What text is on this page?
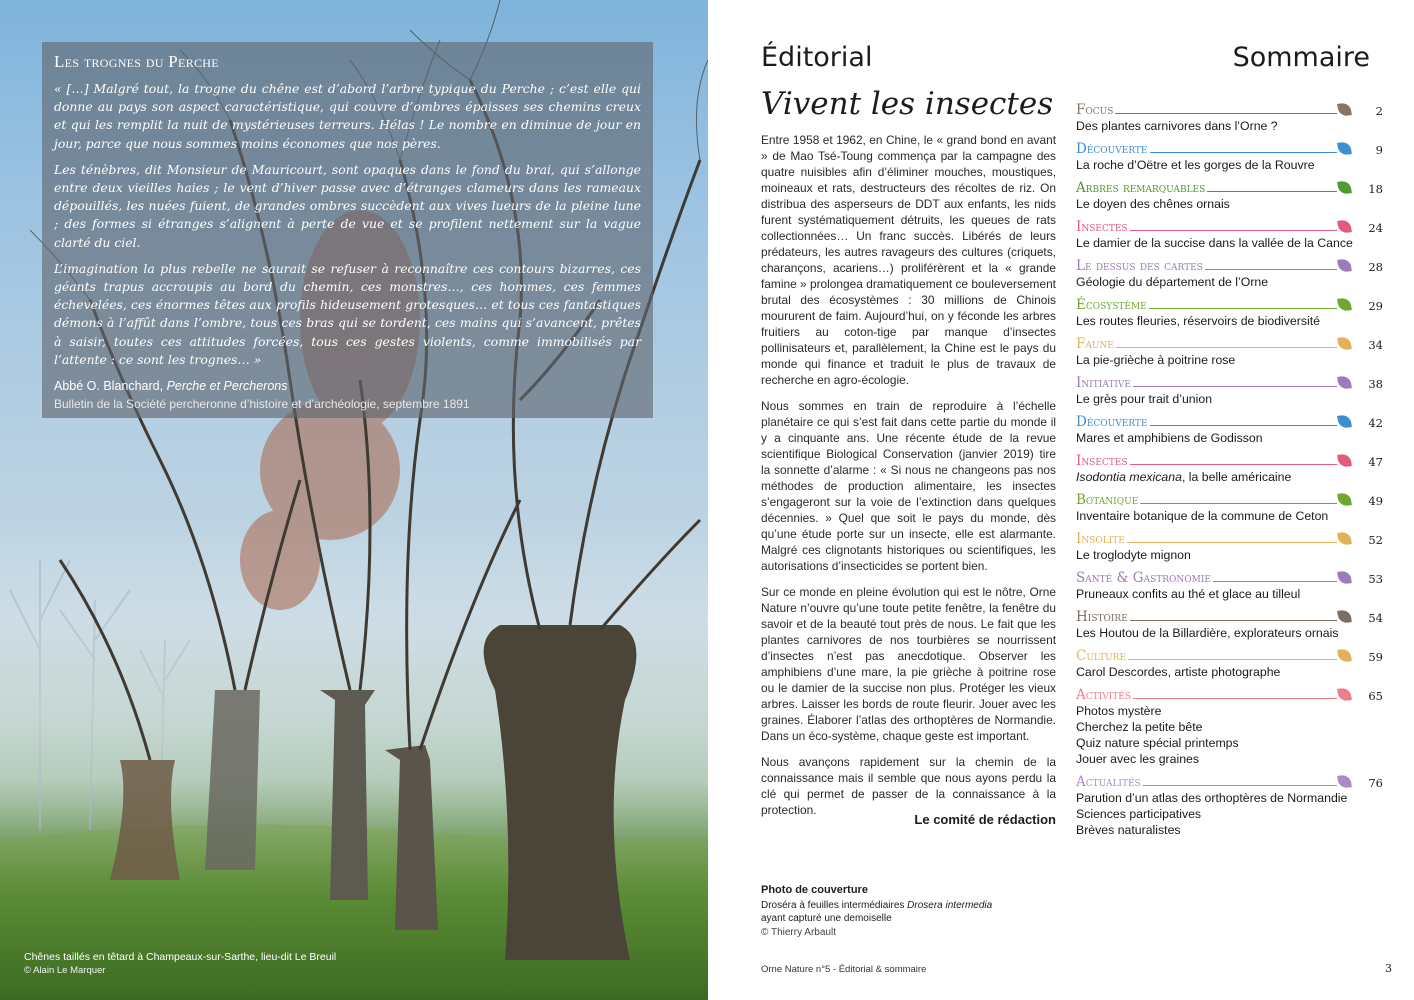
Les trognes du Perche

« […] Malgré tout, la trogne du chêne est d’abord l’arbre typique du Perche ; c’est elle qui donne au pays son aspect caractéristique, qui couvre d’ombres épaisses ses chemins creux et qui les remplit la nuit de mystérieuses terreurs. Hélas ! Le nombre en diminue de jour en jour, parce que nous sommes moins économes que nos pères.

Les ténèbres, dit Monsieur de Mauricourt, sont opaques dans le fond du brai, qui s’allonge entre deux vieilles haies ; le vent d’hiver passe avec d’étranges clameurs dans les rameaux dépouillés, les nuées fuient, de grandes ombres succèdent aux vives lueurs de la pleine lune ; des formes si étranges s’alignent à perte de vue et se profilent nettement sur la vague clarté du ciel.

L’imagination la plus rebelle ne saurait se refuser à reconnaître ces contours bizarres, ces géants trapus accroupis au bord du chemin, ces monstres…, ces hommes, ces femmes échevelées, ces énormes têtes aux profils hideusement grotesques… et tous ces fantastiques démons à l’affût dans l’ombre, tous ces bras qui se tordent, ces mains qui s’avancent, prêtes à saisir, toutes ces attitudes forcées, tous ces gestes violents, comme immobilisés par l’attente : ce sont les trognes… »

Abbé O. Blanchard, Perche et Percherons
Bulletin de la Société percheronne d’histoire et d’archéologie, septembre 1891
Chênes taillés en têtard à Champeaux-sur-Sarthe, lieu-dit Le Breuil
© Alain Le Marquer
Éditorial	Sommaire
Vivent les insectes

Entre 1958 et 1962, en Chine, le « grand bond en avant » de Mao Tsé-Toung commença par la campagne des quatre nuisibles afin d’éliminer mouches, moustiques, moineaux et rats, destructeurs des récoltes de riz. On distribua des asperseurs de DDT aux enfants, les nids furent systématiquement détruits, les queues de rats collectionnées… Un franc succès. Libérés de leurs prédateurs, les autres ravageurs des cultures (criquets, charançons, acariens…) proliférèrent et la « grande famine » prolongea dramatiquement ce bouleversement brutal des écosystèmes : 30 millions de Chinois moururent de faim. Aujourd’hui, on y féconde les arbres fruitiers au coton-tige par manque d’insectes pollinisateurs et, parallèlement, la Chine est le pays du monde qui finance et traduit le plus de travaux de recherche en agro-écologie.

Nous sommes en train de reproduire à l’échelle planétaire ce qui s’est fait dans cette partie du monde il y a cinquante ans. Une récente étude de la revue scientifique Biological Conservation (janvier 2019) tire la sonnette d’alarme : « Si nous ne changeons pas nos méthodes de production alimentaire, les insectes s’engageront sur la voie de l’extinction dans quelques décennies. » Quel que soit le pays du monde, dès qu’une étude porte sur un insecte, elle est alarmante. Malgré ces clignotants historiques ou scientifiques, les autorisations d’insecticides se portent bien.

Sur ce monde en pleine évolution qui est le nôtre, Orne Nature n’ouvre qu’une toute petite fenêtre, la fenêtre du savoir et de la beauté tout près de nous. Le fait que les plantes carnivores de nos tourbières se nourrissent d’insectes n’est pas anecdotique. Observer les amphibiens d’une mare, la pie grièche à poitrine rose ou le damier de la succise non plus. Protéger les vieux arbres. Laisser les bords de route fleurir. Jouer avec les graines. Élaborer l’atlas des orthoptères de Normandie. Dans un éco-système, chaque geste est important.

Nous avançons rapidement sur la chemin de la connaissance mais il semble que nous ayons perdu la clé qui permet de passer de la connaissance à la protection.

Le comité de rédaction
Photo de couverture
Droséra à feuilles intermédiaires Drosera intermedia
ayant capturé une demoiselle
© Thierry Arbault
Focus	2
Des plantes carnivores dans l’Orne ?
Découverte	9
La roche d’Oëtre et les gorges de la Rouvre
Arbres remarquables	18
Le doyen des chênes ornais
Insectes	24
Le damier de la succise dans la vallée de la Cance
Le dessus des cartes	28
Géologie du département de l’Orne
Écosystème	29
Les routes fleuries, réservoirs de biodiversité
Faune	34
La pie-grièche à poitrine rose
Initiative	38
Le grès pour trait d’union
Découverte	42
Mares et amphibiens de Godisson
Insectes	47
Isodontia mexicana, la belle américaine
Botanique	49
Inventaire botanique de la commune de Ceton
Insolite	52
Le troglodyte mignon
Santé & Gastronomie	53
Pruneaux confits au thé et glace au tilleul
Histoire	54
Les Houtou de la Billardière, explorateurs ornais
Culture	59
Carol Descordes, artiste photographe
Activités	65
Photos mystère
Cherchez la petite bête
Quiz nature spécial printemps
Jouer avec les graines
Actualités	76
Parution d’un atlas des orthoptères de Normandie
Sciences participatives
Brèves naturalistes
Orne Nature n°5 - Éditorial & sommaire	3
